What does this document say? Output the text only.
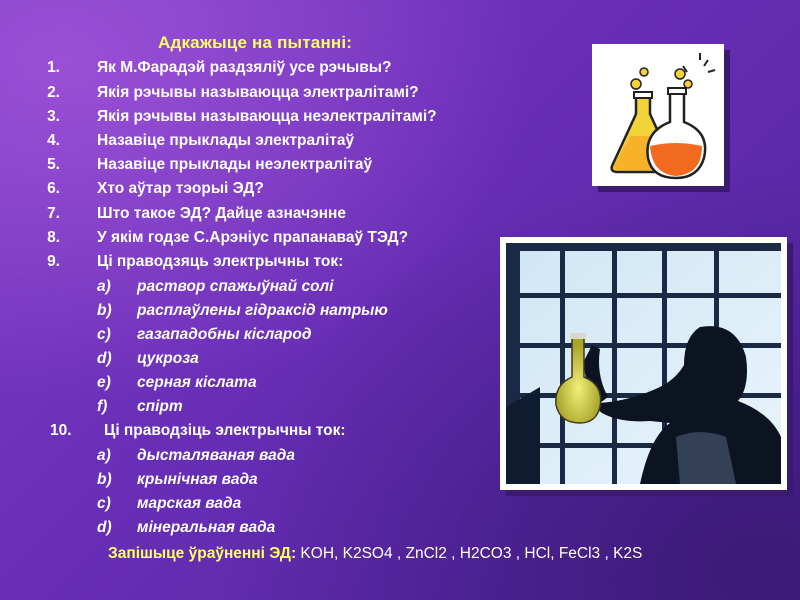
Адкажыце на пытанні:
1. Як М.Фарадэй раздзяліў усе рэчывы?
2. Якія рэчывы называюцца электралітамі?
3. Якія рэчывы называюцца неэлектралітамі?
4. Назавіце прыклады электралітаў
5. Назавіце прыклады неэлектралітаў
6. Хто аўтар тэорыі ЭД?
7. Што такое ЭД? Дайце азначэнне
8. У якім годзе С.Арэніус прапанаваў ТЭД?
9. Ці праводзяць электрычны ток:
a) раствор спажыўнай солі
b) расплаўлены гідраксід натрыю
c) газападобны кісларод
d) цукроза
e) серная кіслата
f) спірт
10. Ці праводзіць электрычны ток:
a) дысталяваная вада
b) крынічная вада
c) марская вада
d) мінеральная вада
Запішыце ўраўненні ЭД: KOH, K2SO4 , ZnCl2 , H2CO3 , HCl, FeCl3 , K2S
